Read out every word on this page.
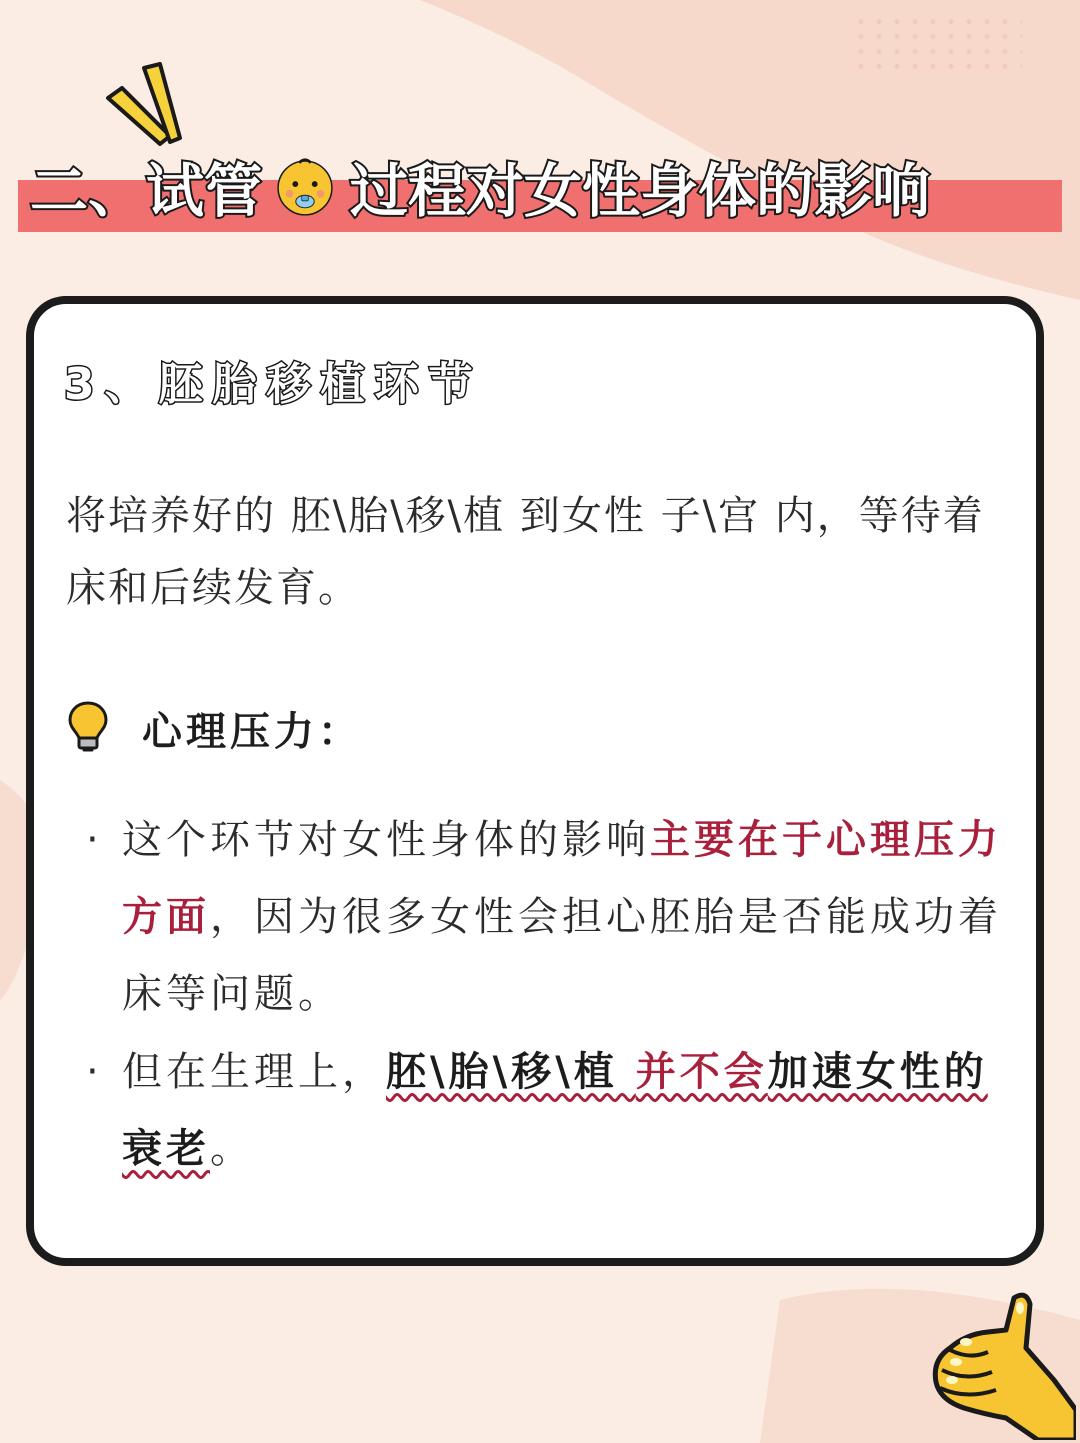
二、试管 过程对女性身体的影响
3、胚胎移植环节
将培养好的 胚\胎\移\植 到女性 子\宫 内，等待着床和后续发育。
心理压力：
· 这个环节对女性身体的影响主要在于心理压力方面，因为很多女性会担心胚胎是否能成功着床等问题。
· 但在生理上，胚\胎\移\植 并不会加速女性的衰老。
